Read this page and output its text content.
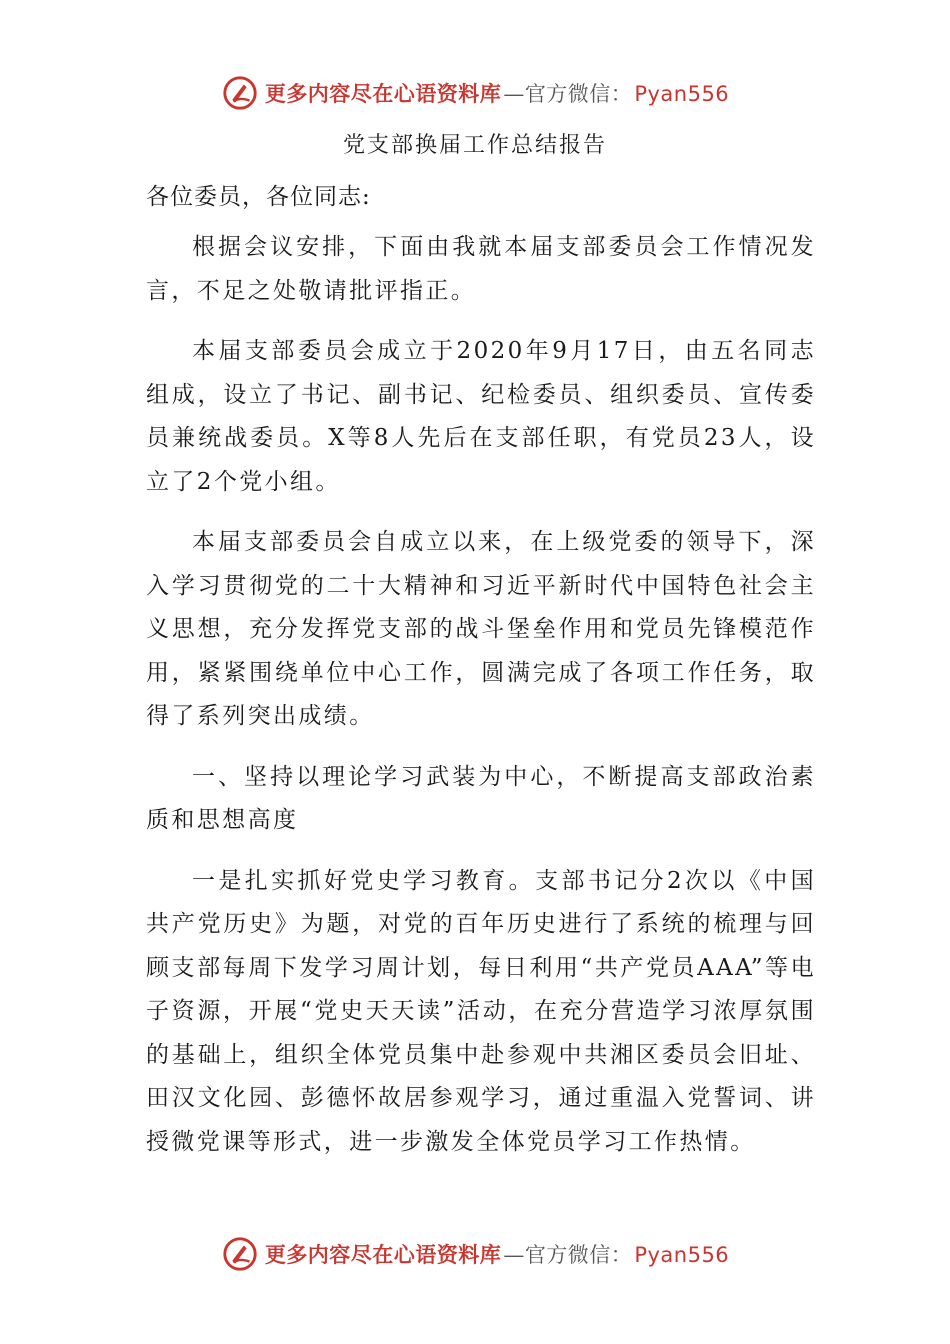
更多内容尽在心语资料库 —官方微信： Pyan556
党支部换届工作总结报告

各位委员，各位同志:

根据会议安排，下面由我就本届支部委员会工作情况发言，不足之处敬请批评指正。

本届支部委员会成立于2020年9月17日，由五名同志组成，设立了书记、副书记、纪检委员、组织委员、宣传委员兼统战委员。X等8人先后在支部任职，有党员23人，设立了2个党小组。

本届支部委员会自成立以来，在上级党委的领导下，深入学习贯彻党的二十大精神和习近平新时代中国特色社会主义思想，充分发挥党支部的战斗堡垒作用和党员先锋模范作用，紧紧围绕单位中心工作，圆满完成了各项工作任务，取得了系列突出成绩。

一、坚持以理论学习武装为中心，不断提高支部政治素质和思想高度

一是扎实抓好党史学习教育。支部书记分2次以《中国共产党历史》为题，对党的百年历史进行了系统的梳理与回顾支部每周下发学习周计划，每日利用“共产党员AAA”等电子资源，开展“党史天天读”活动，在充分营造学习浓厚氛围的基础上，组织全体党员集中赴参观中共湘区委员会旧址、田汉文化园、彭德怀故居参观学习，通过重温入党誓词、讲授微党课等形式，进一步激发全体党员学习工作热情。

更多内容尽在心语资料库 —官方微信： Pyan556
